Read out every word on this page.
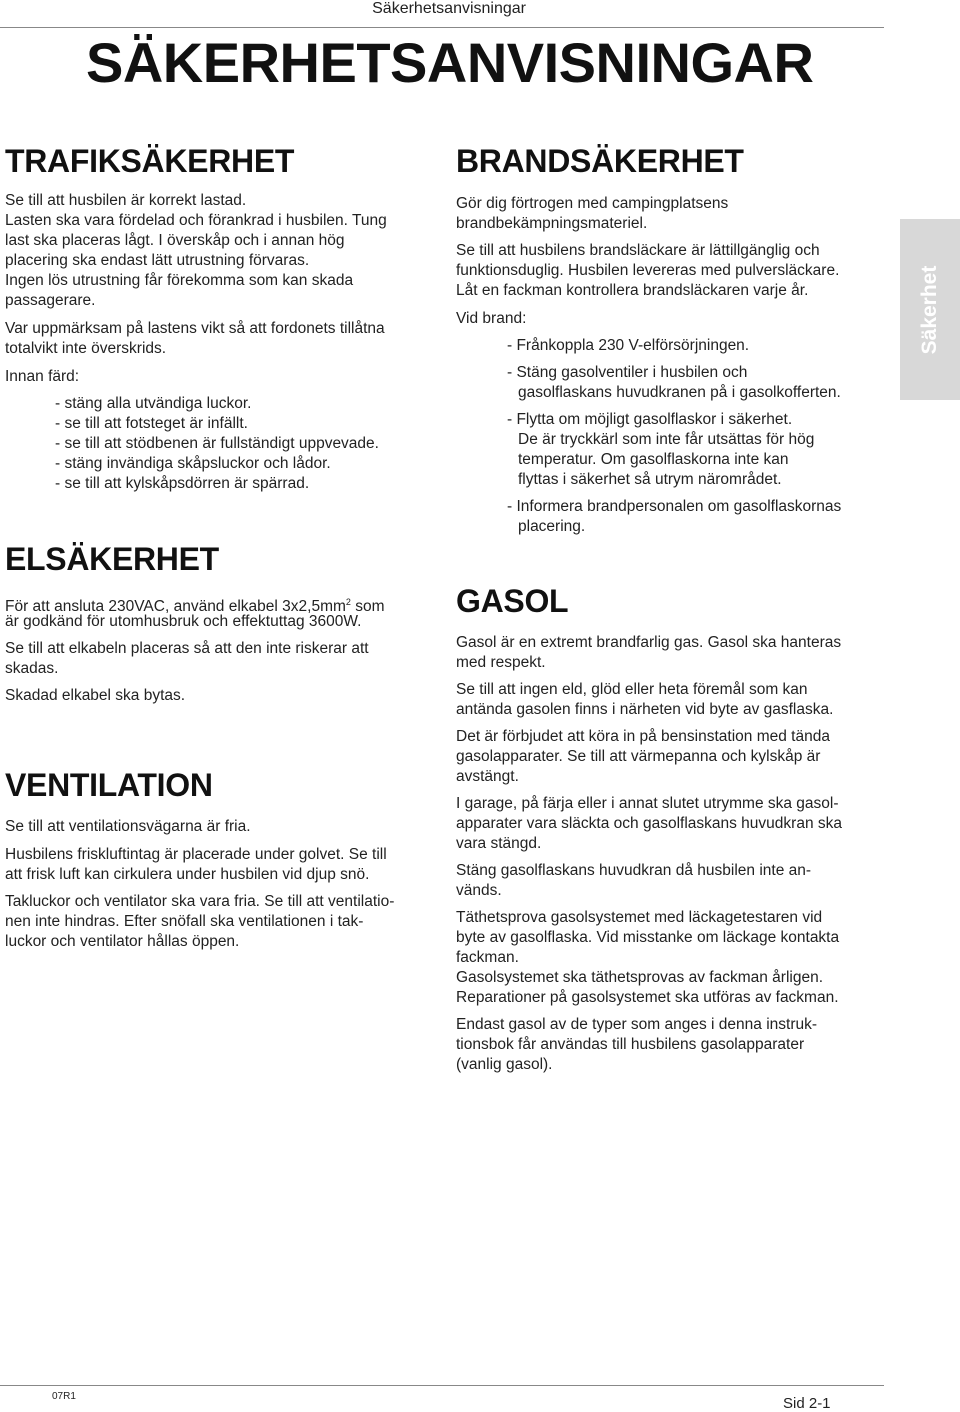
Säkerhetsanvisningar
SÄKERHETSANVISNINGAR
Säkerhet
TRAFIKSÄKERHET

Se till att husbilen är korrekt lastad.

Lasten ska vara fördelad och förankrad i husbilen. Tung

last ska placeras lågt. I överskåp och i annan hög

placering ska endast lätt utrustning förvaras.

Ingen lös utrustning får förekomma som kan skada

passagerare.

Var uppmärksam på lastens vikt så att fordonets tillåtna

totalvikt inte överskrids.

Innan färd:

- stäng alla utvändiga luckor.

- se till att fotsteget är infällt.

- se till att stödbenen är fullständigt uppvevade.

- stäng invändiga skåpsluckor och lådor.

- se till att kylskåpsdörren är spärrad.

ELSÄKERHET

För att ansluta 230VAC, använd elkabel $3x2,5mm^2$ som

är godkänd för utomhusbruk och effektuttag 3600W.

Se till att elkabeln placeras så att den inte riskerar att

skadas.

Skadad elkabel ska bytas.

VENTILATION

Se till att ventilationsvägarna är fria.

Husbilens friskluftintag är placerade under golvet. Se till

att frisk luft kan cirkulera under husbilen vid djup snö.

Takluckor och ventilator ska vara fria. Se till att ventilatio-

nen inte hindras. Efter snöfall ska ventilationen i tak-

luckor och ventilator hållas öppen.

BRANDSÄKERHET

Gör dig förtrogen med campingplatsens

brandbekämpningsmateriel.

Se till att husbilens brandsläckare är lättillgänglig och

funktionsduglig. Husbilen levereras med pulversläckare.

Låt en fackman kontrollera brandsläckaren varje år.

Vid brand:

- Frånkoppla 230 V-elförsörjningen.

- Stäng gasolventiler i husbilen och

gasolflaskans huvudkranen på i gasolkofferten.

- Flytta om möjligt gasolflaskor i säkerhet.

De är tryckkärl som inte får utsättas för hög

temperatur. Om gasolflaskorna inte kan

flyttas i säkerhet så utrym närområdet.

- Informera brandpersonalen om gasolflaskornas

placering.

GASOL

Gasol är en extremt brandfarlig gas. Gasol ska hanteras

med respekt.

Se till att ingen eld, glöd eller heta föremål som kan

antända gasolen finns i närheten vid byte av gasflaska.

Det är förbjudet att köra in på bensinstation med tända

gasolapparater. Se till att värmepanna och kylskåp är

avstängt.

I garage, på färja eller i annat slutet utrymme ska gasol-

apparater vara släckta och gasolflaskans huvudkran ska

vara stängd.

Stäng gasolflaskans huvudkran då husbilen inte an-

vänds.

Täthetsprova gasolsystemet med läckagetestaren vid

byte av gasolflaska. Vid misstanke om läckage kontakta

fackman.

Gasolsystemet ska täthetsprovas av fackman årligen.

Reparationer på gasolsystemet ska utföras av fackman.

Endast gasol av de typer som anges i denna instruk-

tionsbok får användas till husbilens gasolapparater

(vanlig gasol).

07R1	Sid 2-1
